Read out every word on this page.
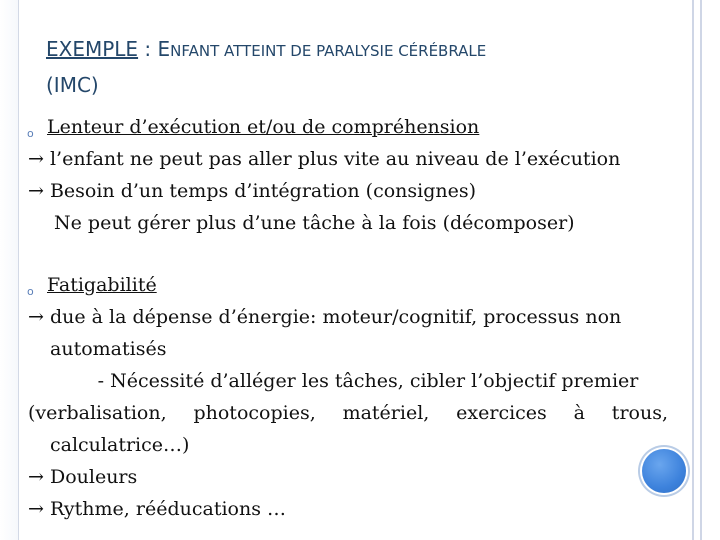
EXEMPLE : ENFANT ATTEINT DE PARALYSIE CÉRÉBRALE
(IMC)
o Lenteur d’exécution et/ou de compréhension
→ l’enfant ne peut pas aller plus vite au niveau de l’exécution
→ Besoin d’un temps d’intégration (consignes)
Ne peut gérer plus d’une tâche à la fois (décomposer)
o Fatigabilité
→ due à la dépense d’énergie: moteur/cognitif, processus non automatisés
- Nécessité d’alléger les tâches, cibler l’objectif premier
(verbalisation, photocopies, matériel, exercices à trous,
calculatrice…)
→ Douleurs
→ Rythme, rééducations …
